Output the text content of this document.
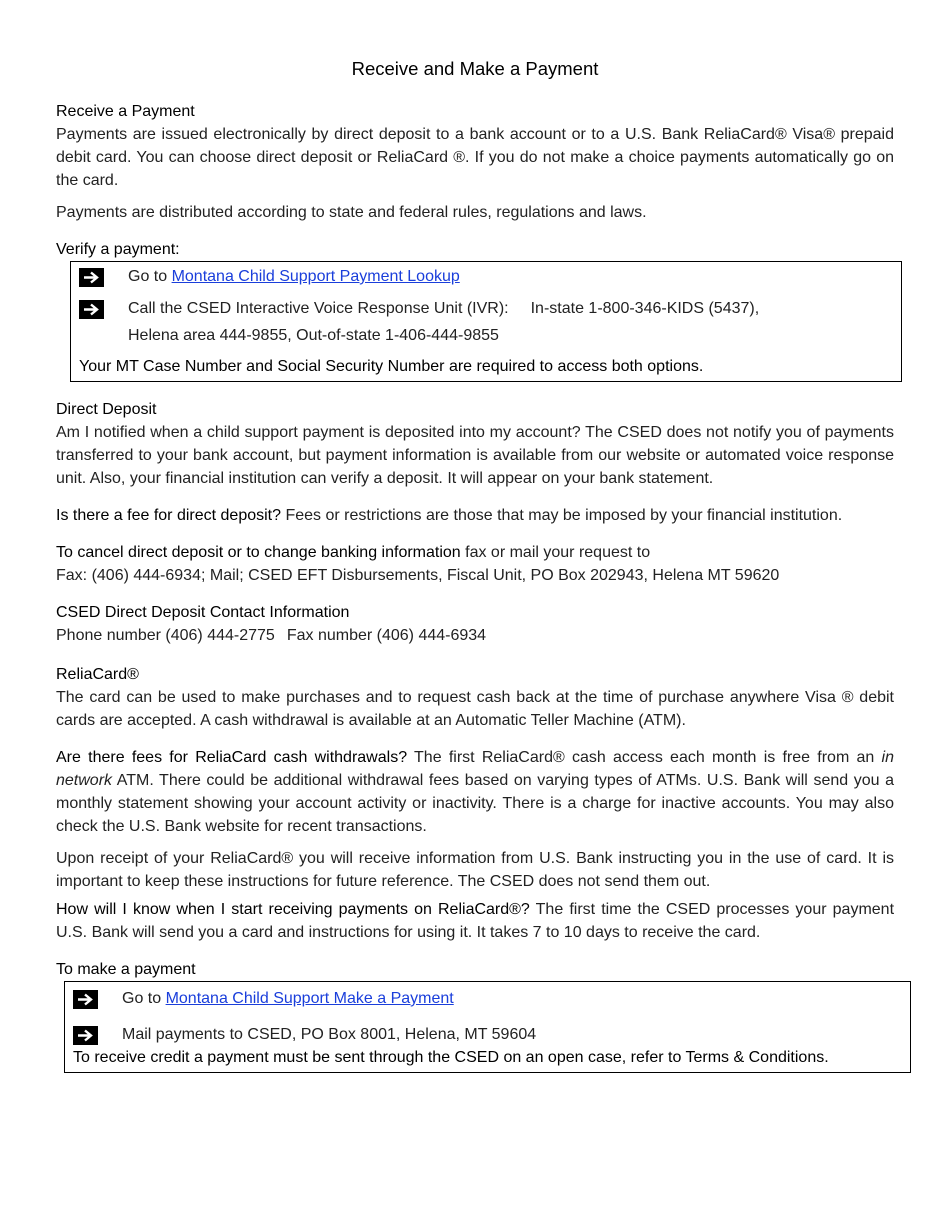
Receive and Make a Payment
Receive a Payment

Payments are issued electronically by direct deposit to a bank account or to a U.S. Bank ReliaCard® Visa® prepaid debit card. You can choose direct deposit or ReliaCard ®. If you do not make a choice payments automatically go on the card.

Payments are distributed according to state and federal rules, regulations and laws.

Verify a payment:
Go to Montana Child Support Payment Lookup
Call the CSED Interactive Voice Response Unit (IVR): In-state 1-800-346-KIDS (5437),
Helena area 444-9855, Out-of-state 1-406-444-9855
Your MT Case Number and Social Security Number are required to access both options.
Direct Deposit

Am I notified when a child support payment is deposited into my account? The CSED does not notify you of payments transferred to your bank account, but payment information is available from our website or automated voice response unit. Also, your financial institution can verify a deposit. It will appear on your bank statement.

Is there a fee for direct deposit? Fees or restrictions are those that may be imposed by your financial institution.

To cancel direct deposit or to change banking information fax or mail your request to

Fax: (406) 444-6934; Mail; CSED EFT Disbursements, Fiscal Unit, PO Box 202943, Helena MT 59620

CSED Direct Deposit Contact Information

Phone number (406) 444-2775 Fax number (406) 444-6934

ReliaCard®

The card can be used to make purchases and to request cash back at the time of purchase anywhere Visa ® debit cards are accepted. A cash withdrawal is available at an Automatic Teller Machine (ATM).

Are there fees for ReliaCard cash withdrawals? The first ReliaCard® cash access each month is free from an in network ATM. There could be additional withdrawal fees based on varying types of ATMs. U.S. Bank will send you a monthly statement showing your account activity or inactivity. There is a charge for inactive accounts. You may also check the U.S. Bank website for recent transactions.

Upon receipt of your ReliaCard® you will receive information from U.S. Bank instructing you in the use of card. It is important to keep these instructions for future reference. The CSED does not send them out.

How will I know when I start receiving payments on ReliaCard®? The first time the CSED processes your payment U.S. Bank will send you a card and instructions for using it. It takes 7 to 10 days to receive the card.

To make a payment
Go to Montana Child Support Make a Payment
Mail payments to CSED, PO Box 8001, Helena, MT 59604
To receive credit a payment must be sent through the CSED on an open case, refer to Terms & Conditions.
